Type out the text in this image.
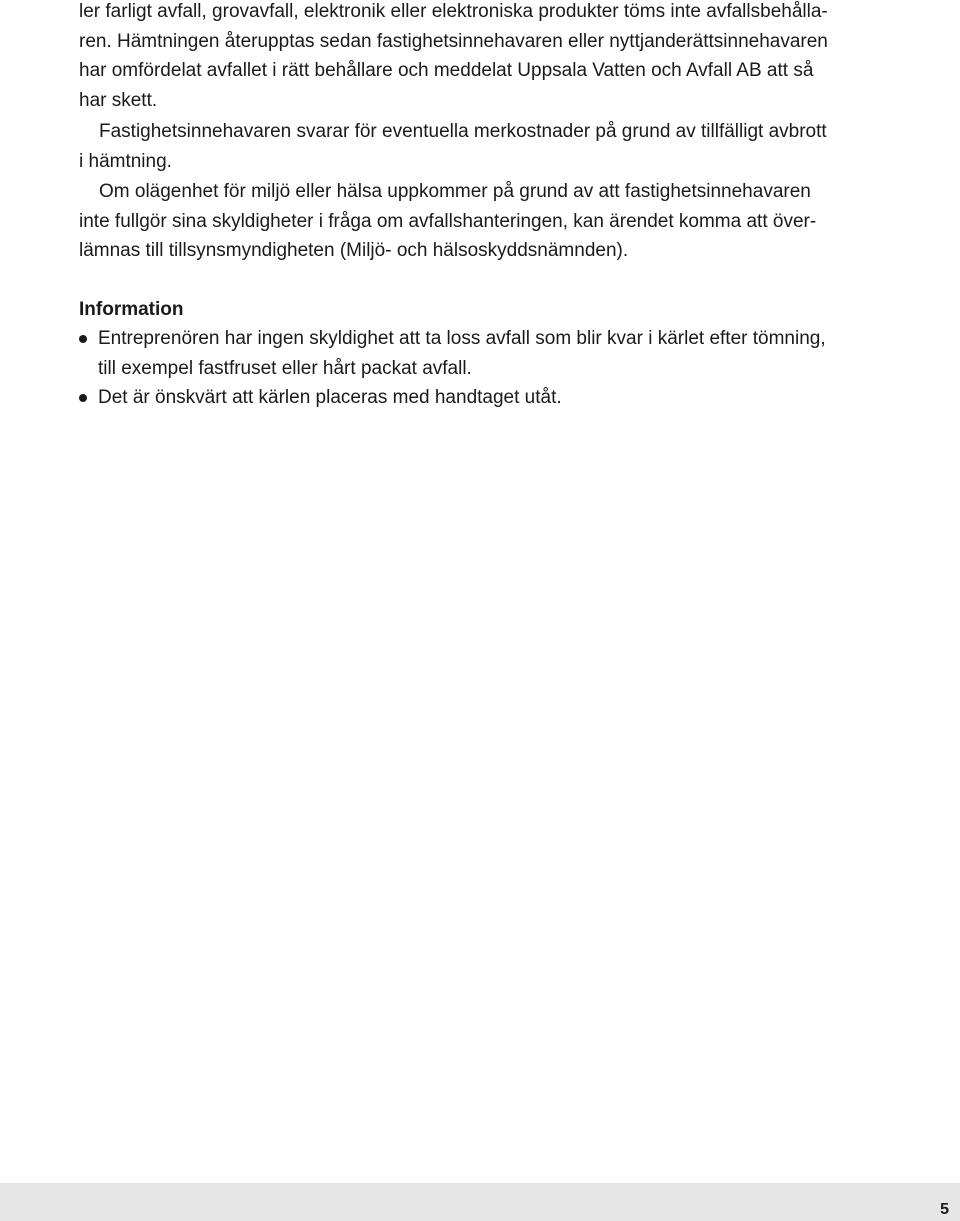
ler farligt avfall, grovavfall, elektronik eller elektroniska produkter töms inte avfallsbehålla-
ren. Hämtningen återupptas sedan fastighetsinnehavaren eller nyttjanderättsinnehavaren
har omfördelat avfallet i rätt behållare och meddelat Uppsala Vatten och Avfall AB att så
har skett.

Fastighetsinnehavaren svarar för eventuella merkostnader på grund av tillfälligt avbrott
i hämtning.

Om olägenhet för miljö eller hälsa uppkommer på grund av att fastighetsinnehavaren
inte fullgör sina skyldigheter i fråga om avfallshanteringen, kan ärendet komma att över-
lämnas till tillsynsmyndigheten (Miljö- och hälsoskyddsnämnden).

Information
Entreprenören har ingen skyldighet att ta loss avfall som blir kvar i kärlet efter tömning,
till exempel fastfruset eller hårt packat avfall.
Det är önskvärt att kärlen placeras med handtaget utåt.
5
